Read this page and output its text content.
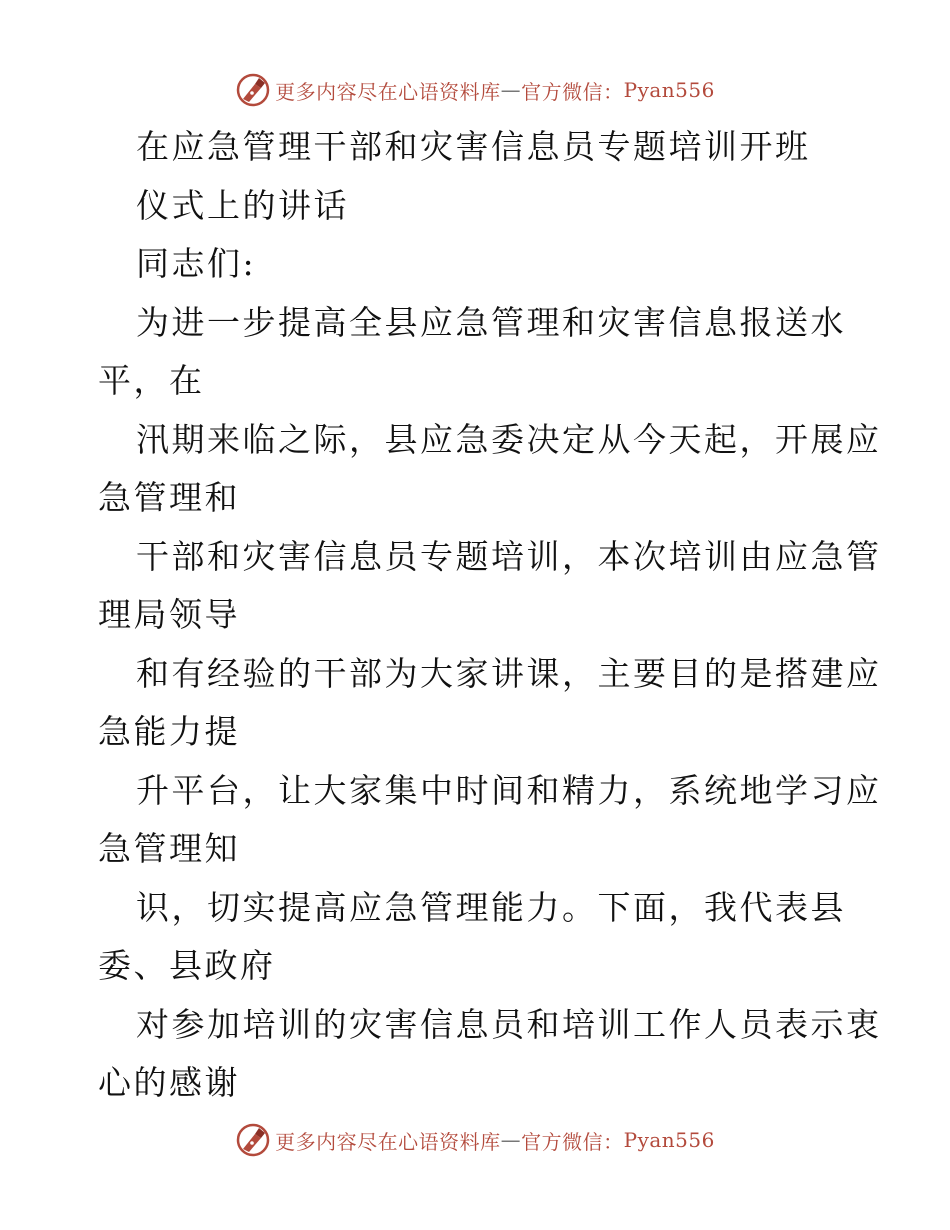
更多内容尽在心语资料库 — 官方微信： Pyan556
在应急管理干部和灾害信息员专题培训开班
仪式上的讲话
同志们:
为进一步提高全县应急管理和灾害信息报送水
平，在
汛期来临之际，县应急委决定从今天起，开展应
急管理和
干部和灾害信息员专题培训，本次培训由应急管
理局领导
和有经验的干部为大家讲课，主要目的是搭建应
急能力提
升平台，让大家集中时间和精力，系统地学习应
急管理知
识，切实提高应急管理能力。下面，我代表县
委、县政府
对参加培训的灾害信息员和培训工作人员表示衷
心的感谢
更多内容尽在心语资料库 — 官方微信： Pyan556
